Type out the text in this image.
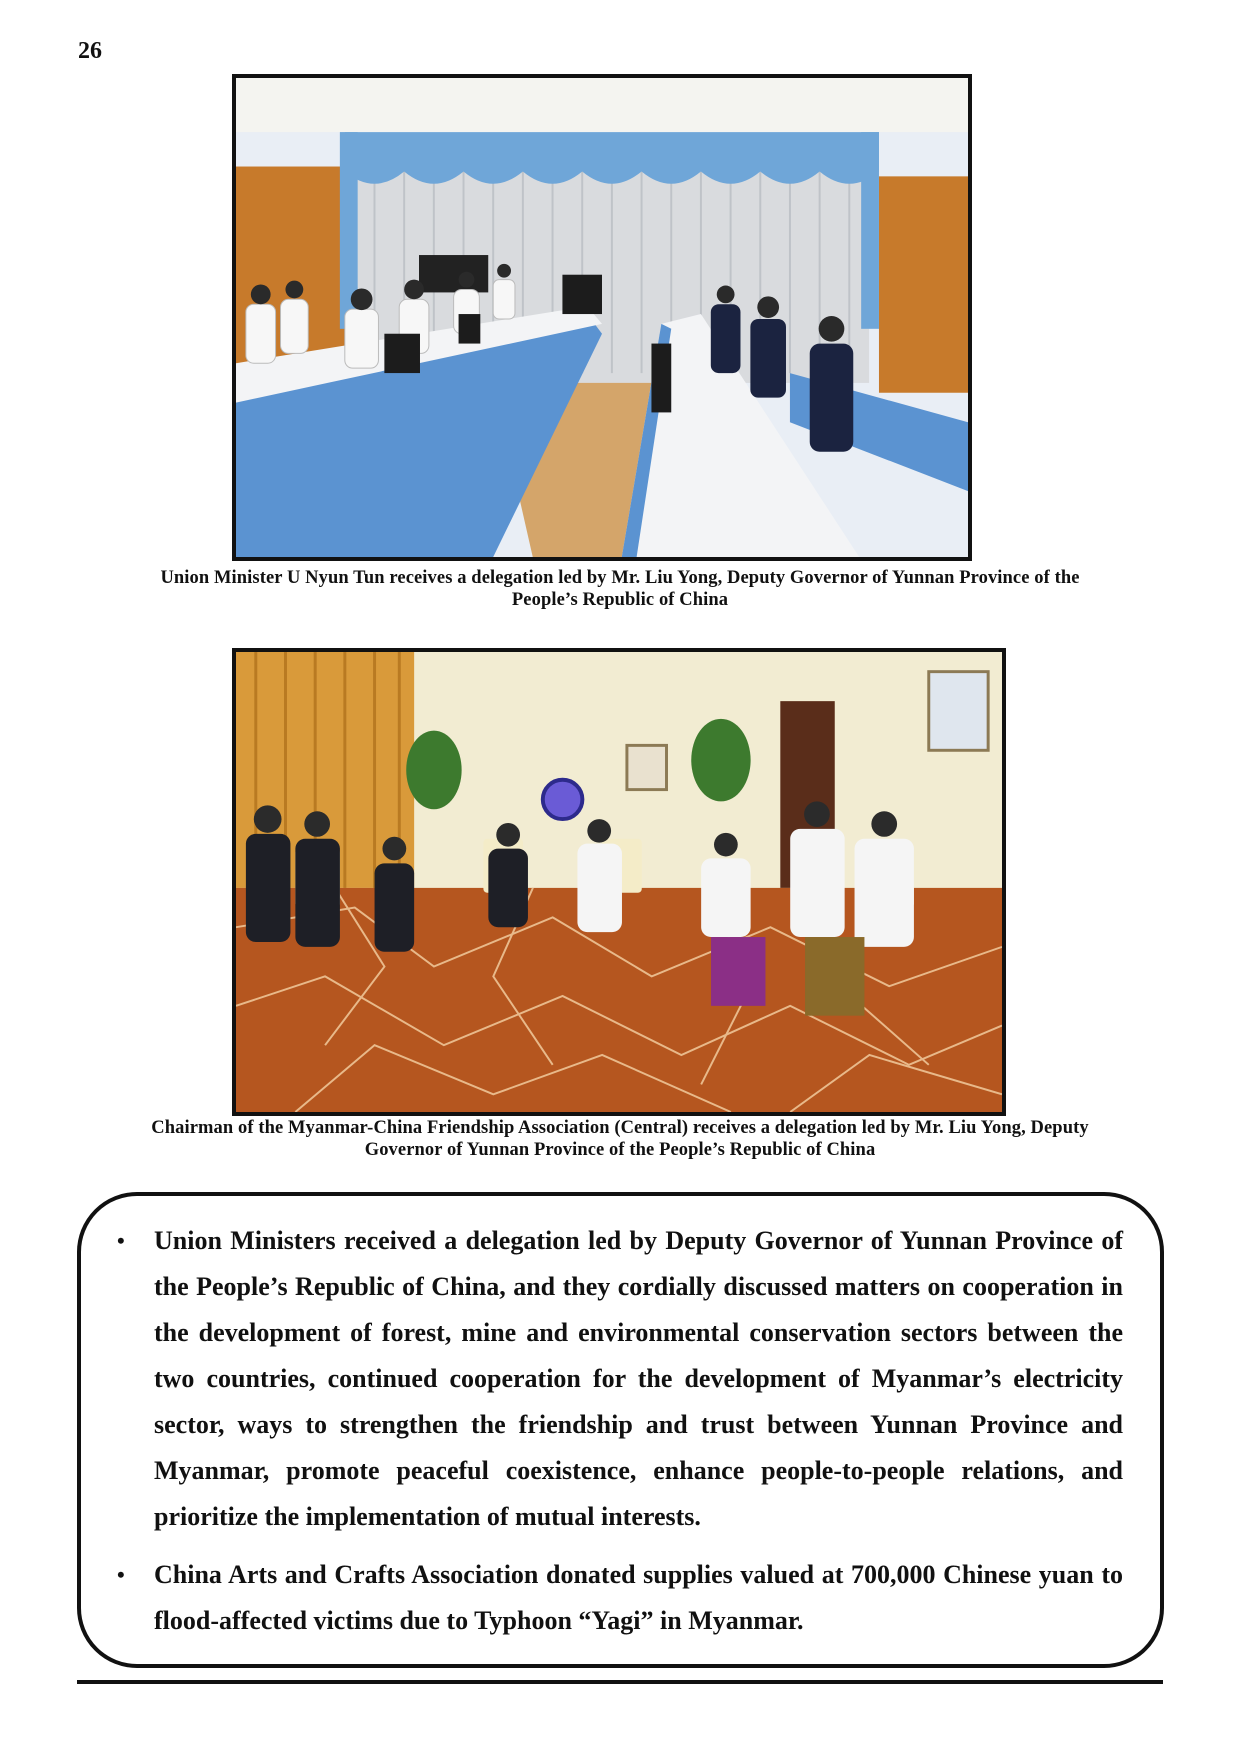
26
Union Minister U Nyun Tun receives a delegation led by Mr. Liu Yong, Deputy Governor of Yunnan Province of the People’s Republic of China
Chairman of the Myanmar-China Friendship Association (Central) receives a delegation led by Mr. Liu Yong, Deputy Governor of Yunnan Province of the People’s Republic of China
• Union Ministers received a delegation led by Deputy Governor of Yunnan Province of the People’s Republic of China, and they cordially discussed matters on cooperation in the development of forest, mine and environmental conservation sectors between the two countries, continued cooperation for the development of Myanmar’s electricity sector, ways to strengthen the friendship and trust between Yunnan Province and Myanmar, promote peaceful coexistence, enhance people-to-people relations, and prioritize the implementation of mutual interests.
• China Arts and Crafts Association donated supplies valued at 700,000 Chinese yuan to flood-affected victims due to Typhoon “Yagi” in Myanmar.
